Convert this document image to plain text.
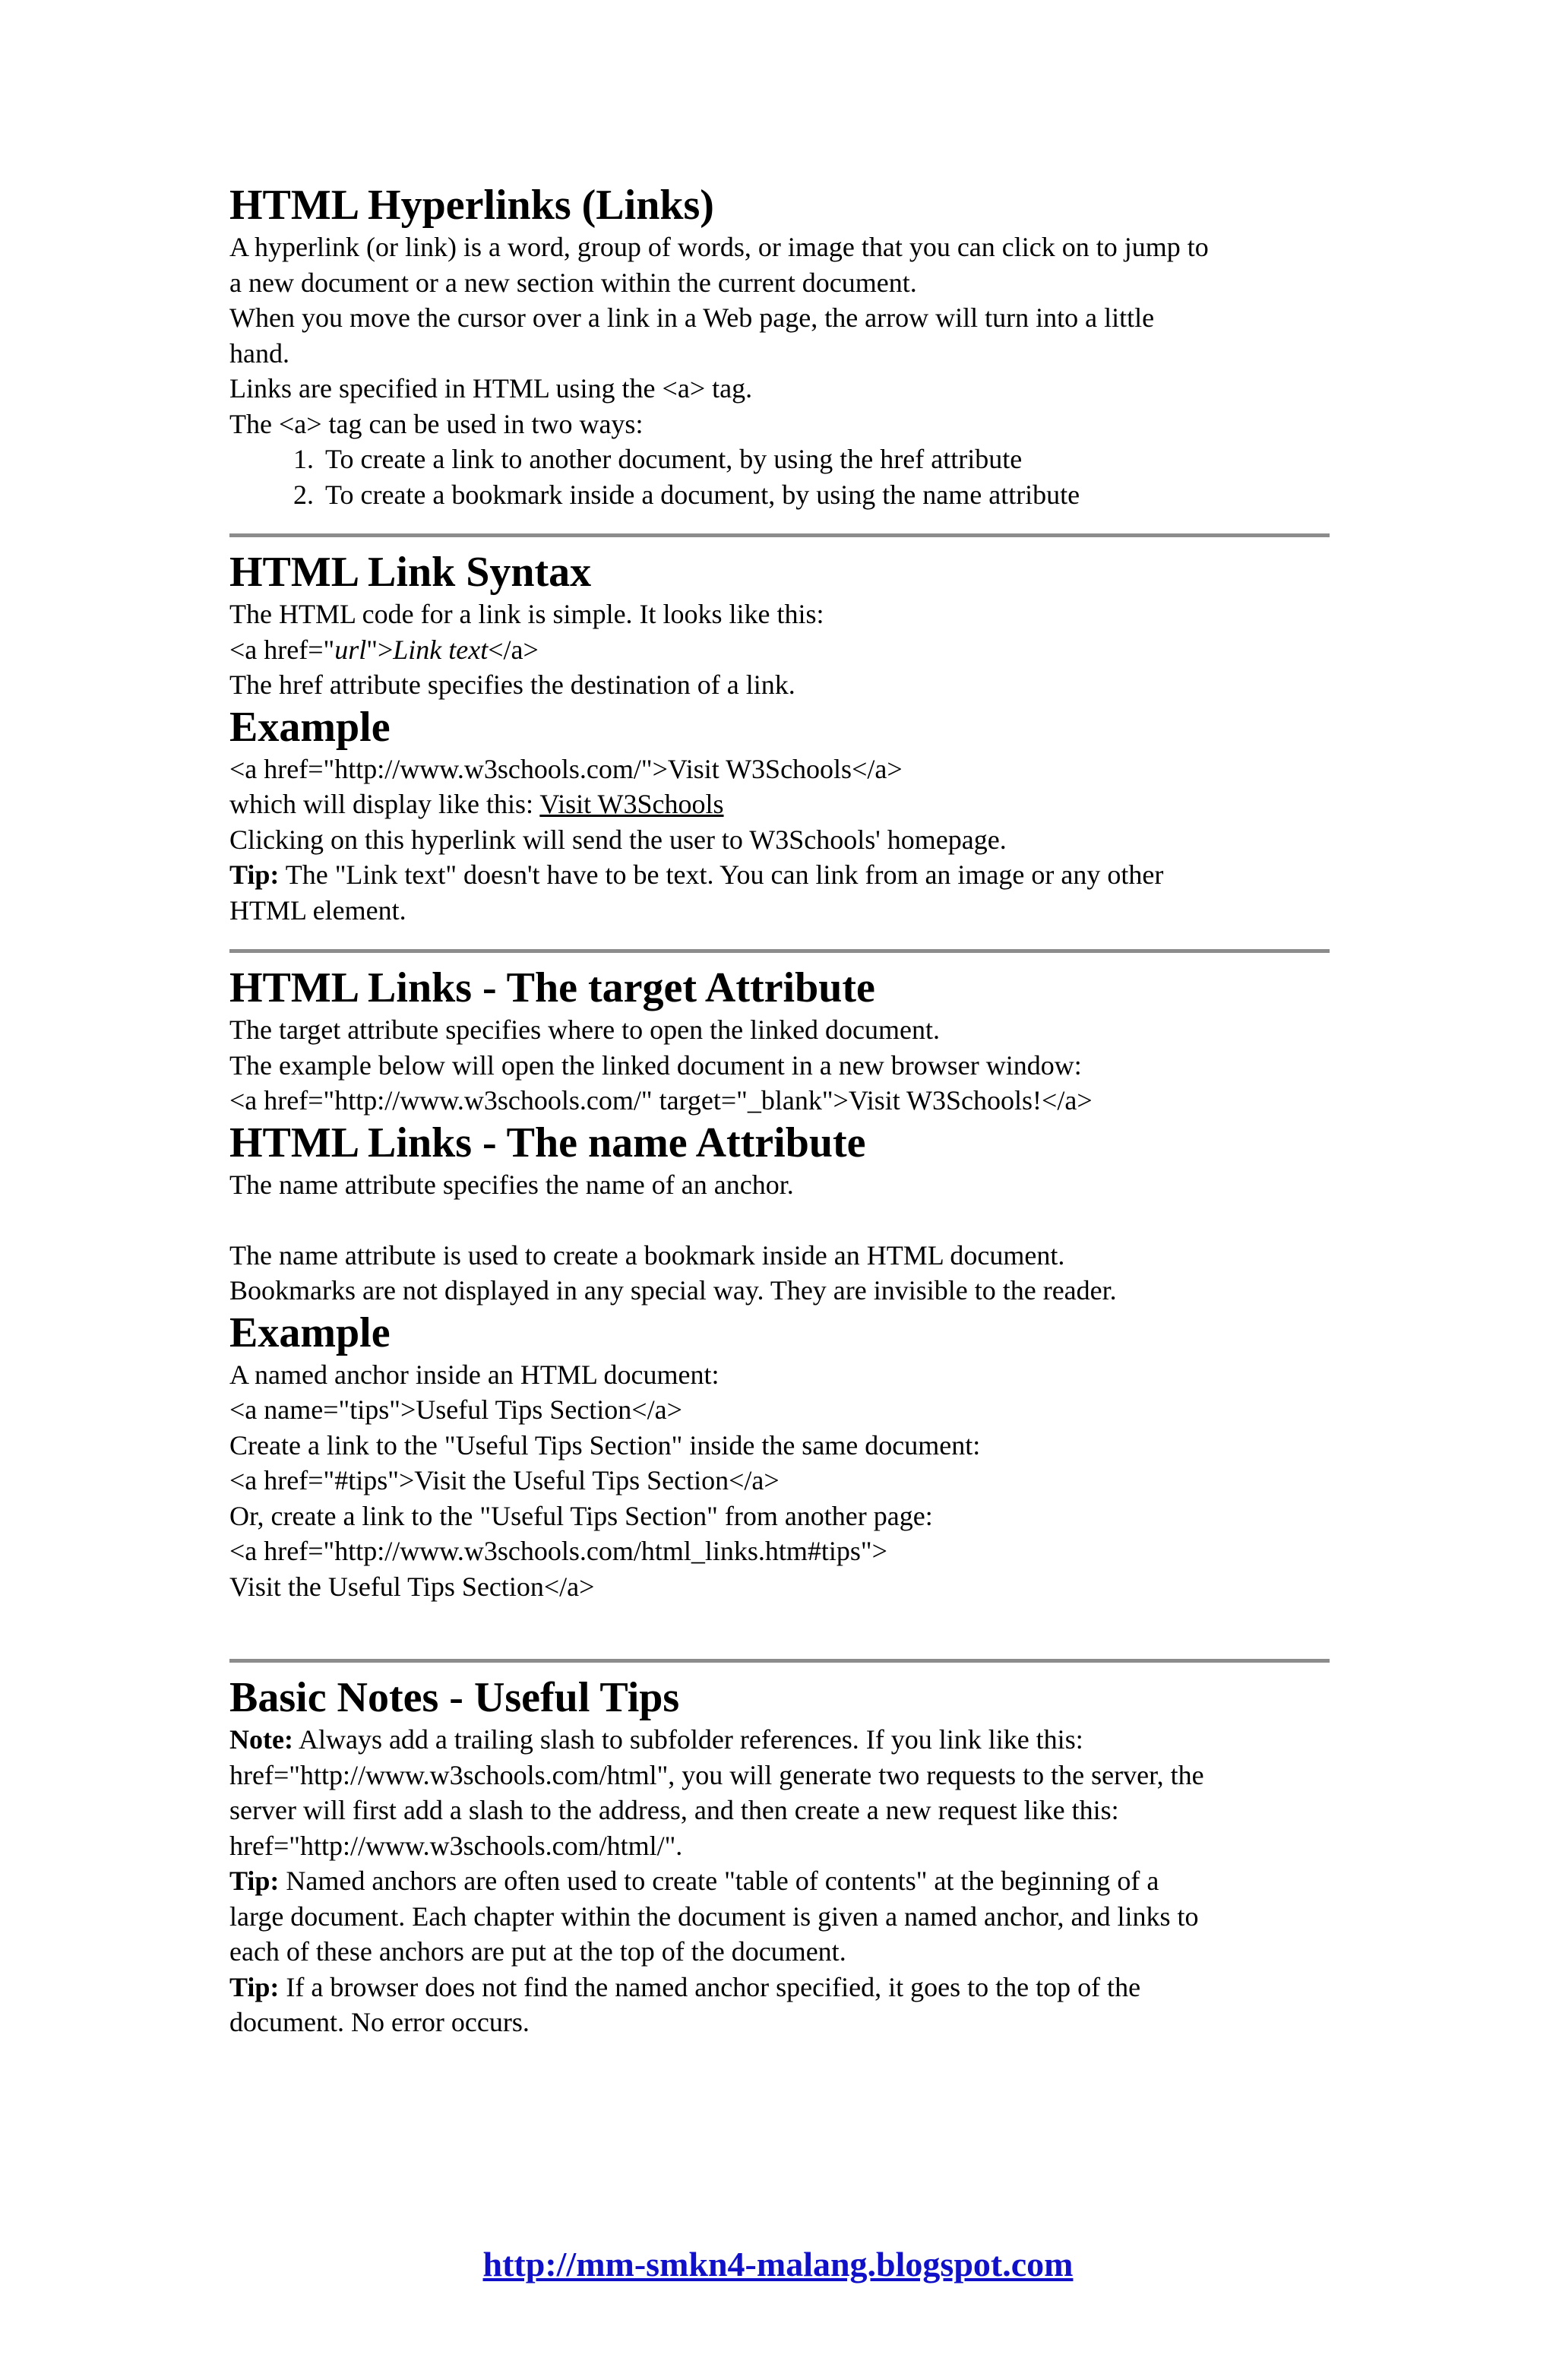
HTML Hyperlinks (Links)

A hyperlink (or link) is a word, group of words, or image that you can click on to jump to

a new document or a new section within the current document.

When you move the cursor over a link in a Web page, the arrow will turn into a little

hand.

Links are specified in HTML using the <a> tag.

The <a> tag can be used in two ways:

1. To create a link to another document, by using the href attribute
2. To create a bookmark inside a document, by using the name attribute
HTML Link Syntax

The HTML code for a link is simple. It looks like this:

<a href="url">Link text</a>

The href attribute specifies the destination of a link.

Example

<a href="http://www.w3schools.com/">Visit W3Schools</a>

which will display like this: Visit W3Schools

Clicking on this hyperlink will send the user to W3Schools' homepage.

Tip: The "Link text" doesn't have to be text. You can link from an image or any other

HTML element.

HTML Links - The target Attribute

The target attribute specifies where to open the linked document.

The example below will open the linked document in a new browser window:

<a href="http://www.w3schools.com/" target="_blank">Visit W3Schools!</a>

HTML Links - The name Attribute

The name attribute specifies the name of an anchor.

The name attribute is used to create a bookmark inside an HTML document.

Bookmarks are not displayed in any special way. They are invisible to the reader.

Example

A named anchor inside an HTML document:

<a name="tips">Useful Tips Section</a>

Create a link to the "Useful Tips Section" inside the same document:

<a href="#tips">Visit the Useful Tips Section</a>

Or, create a link to the "Useful Tips Section" from another page:

<a href="http://www.w3schools.com/html_links.htm#tips">

Visit the Useful Tips Section</a>

Basic Notes - Useful Tips

Note: Always add a trailing slash to subfolder references. If you link like this:

href="http://www.w3schools.com/html", you will generate two requests to the server, the

server will first add a slash to the address, and then create a new request like this:

href="http://www.w3schools.com/html/".

Tip: Named anchors are often used to create "table of contents" at the beginning of a

large document. Each chapter within the document is given a named anchor, and links to

each of these anchors are put at the top of the document.

Tip: If a browser does not find the named anchor specified, it goes to the top of the

document. No error occurs.

http://mm-smkn4-malang.blogspot.com
